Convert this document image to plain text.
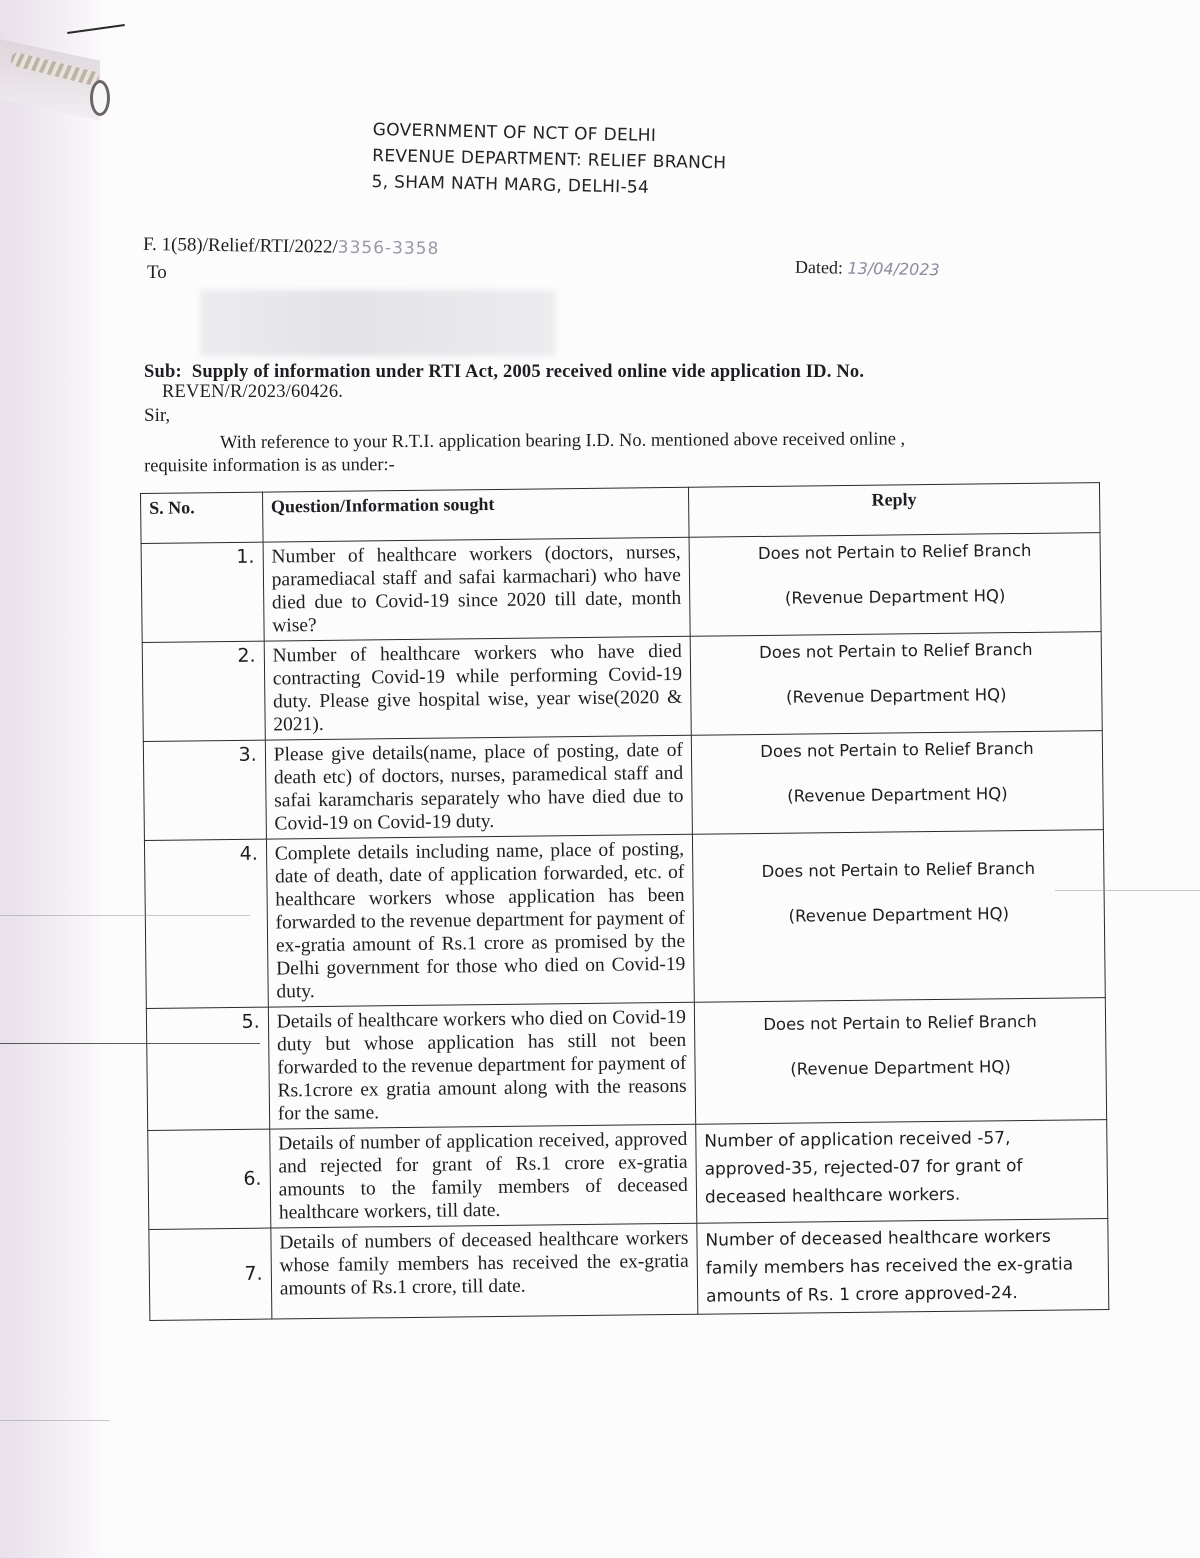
GOVERNMENT OF NCT OF DELHI
REVENUE DEPARTMENT: RELIEF BRANCH
5, SHAM NATH MARG, DELHI-54
F. 1(58)/Relief/RTI/2022/3356-3358
To	Dated: 13/04/2023
Sub: Supply of information under RTI Act, 2005 received online vide application ID. No.
REVEN/R/2023/60426.
Sir,
With reference to your R.T.I. application bearing I.D. No. mentioned above received online ,
requisite information is as under:-
S. No.	Question/Information sought	Reply
1.	Number of healthcare workers (doctors, nurses, paramediacal staff and safai karmachari) who have died due to Covid-19 since 2020 till date, month wise?	Does not Pertain to Relief Branch
(Revenue Department HQ)

2.	Number of healthcare workers who have died contracting Covid-19 while performing Covid-19 duty. Please give hospital wise, year wise(2020 & 2021).	Does not Pertain to Relief Branch
(Revenue Department HQ)

3.	Please give details(name, place of posting, date of death etc) of doctors, nurses, paramedical staff and safai karamcharis separately who have died due to Covid-19 on Covid-19 duty.	Does not Pertain to Relief Branch
(Revenue Department HQ)

4.	Complete details including name, place of posting, date of death, date of application forwarded, etc. of healthcare workers whose application has been forwarded to the revenue department for payment of ex-gratia amount of Rs.1 crore as promised by the Delhi government for those who died on Covid-19 duty.	Does not Pertain to Relief Branch
(Revenue Department HQ)

5.	Details of healthcare workers who died on Covid-19 duty but whose application has still not been forwarded to the revenue department for payment of Rs.1crore ex gratia amount along with the reasons for the same.	Does not Pertain to Relief Branch
(Revenue Department HQ)

6.	Details of number of application received, approved and rejected for grant of Rs.1 crore ex-gratia amounts to the family members of deceased healthcare workers, till date.	Number of application received -57, approved-35, rejected-07 for grant of deceased healthcare workers.
7.	Details of numbers of deceased healthcare workers whose family members has received the ex-gratia amounts of Rs.1 crore, till date.	Number of deceased healthcare workers family members has received the ex-gratia amounts of Rs. 1 crore approved-24.
